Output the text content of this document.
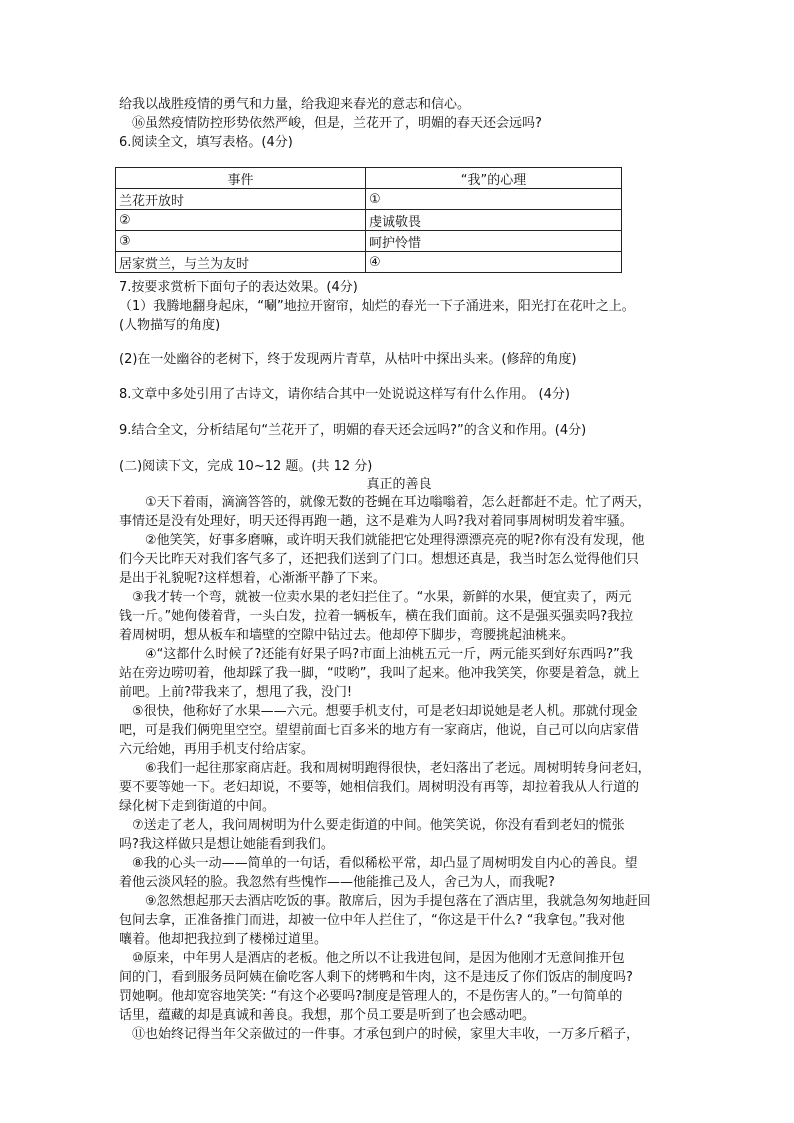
给我以战胜疫情的勇气和力量，给我迎来春光的意志和信心。
　⑯虽然疫情防控形势依然严峻，但是，兰花开了，明媚的春天还会远吗?
6.阅读全文，填写表格。(4分)
事件	“我”的心理
兰花开放时	①
②	虔诚敬畏
③	呵护怜惜
居家赏兰，与兰为友时	④
7.按要求赏析下面句子的表达效果。(4分)
（1）我腾地翻身起床，“唰”地拉开窗帘，灿烂的春光一下子涌进来，阳光打在花叶之上。
(人物描写的角度)
(2)在一处幽谷的老树下，终于发现两片青草，从枯叶中探出头来。(修辞的角度)
8.文章中多处引用了古诗文，请你结合其中一处说说这样写有什么作用。 (4分)
9.结合全文，分析结尾句“兰花开了，明媚的春天还会远吗?”的含义和作用。(4分)
(二)阅读下文，完成 10~12 题。(共 12 分)
真正的善良
　　①天下着雨，滴滴答答的，就像无数的苍蝇在耳边嗡嗡着，怎么赶都赶不走。忙了两天，
事情还是没有处理好，明天还得再跑一趟，这不是难为人吗?我对着同事周树明发着牢骚。
　　②他笑笑，好事多磨嘛，或许明天我们就能把它处理得漂漂亮亮的呢?你有没有发现，他
们今天比昨天对我们客气多了，还把我们送到了门口。想想还真是，我当时怎么觉得他们只
是出于礼貌呢?这样想着，心渐渐平静了下来。
　③我才转一个弯，就被一位卖水果的老妇拦住了。“水果，新鲜的水果，便宜卖了，两元
钱一斤。”她佝偻着背，一头白发，拉着一辆板车，横在我们面前。这不是强买强卖吗?我拉
着周树明，想从板车和墙壁的空隙中钻过去。他却停下脚步，弯腰挑起油桃来。
　　④“这都什么时候了?还能有好果子吗?市面上油桃五元一斤，两元能买到好东西吗?”我
站在旁边唠叨着，他却踩了我一脚，“哎哟”，我叫了起来。他冲我笑笑，你要是着急，就上
前吧。上前?带我来了，想甩了我，没门!
　⑤很快，他称好了水果——六元。想要手机支付，可是老妇却说她是老人机。那就付现金
吧，可是我们俩兜里空空。望望前面七百多米的地方有一家商店，他说，自己可以向店家借
六元给她，再用手机支付给店家。
　　⑥我们一起往那家商店赶。我和周树明跑得很快，老妇落出了老远。周树明转身问老妇，
要不要等她一下。老妇却说，不要等，她相信我们。周树明没有再等，却拉着我从人行道的
绿化树下走到街道的中间。
　⑦送走了老人，我问周树明为什么要走街道的中间。他笑笑说，你没有看到老妇的慌张
吗?我这样做只是想让她能看到我们。
　⑧我的心头一动——简单的一句话，看似稀松平常，却凸显了周树明发自内心的善良。望
着他云淡风轻的脸。我忽然有些愧怍——他能推己及人，舍己为人，而我呢?
　　⑨忽然想起那天去酒店吃饭的事。散席后，因为手提包落在了酒店里，我就急匆匆地赶回
包间去拿，正准备推门而进，却被一位中年人拦住了，“你这是干什么? “我拿包。”我对他
嚷着。他却把我拉到了楼梯过道里。
　⑩原来，中年男人是酒店的老板。他之所以不让我进包间，是因为他刚才无意间推开包
间的门，看到服务员阿姨在偷吃客人剩下的烤鸭和牛肉，这不是违反了你们饭店的制度吗?
罚她啊。他却宽容地笑笑: “有这个必要吗?制度是管理人的，不是伤害人的。”一句简单的
话里，蕴藏的却是真诚和善良。我想，那个员工要是听到了也会感动吧。
　⑪也始终记得当年父亲做过的一件事。才承包到户的时候，家里大丰收，一万多斤稻子，
